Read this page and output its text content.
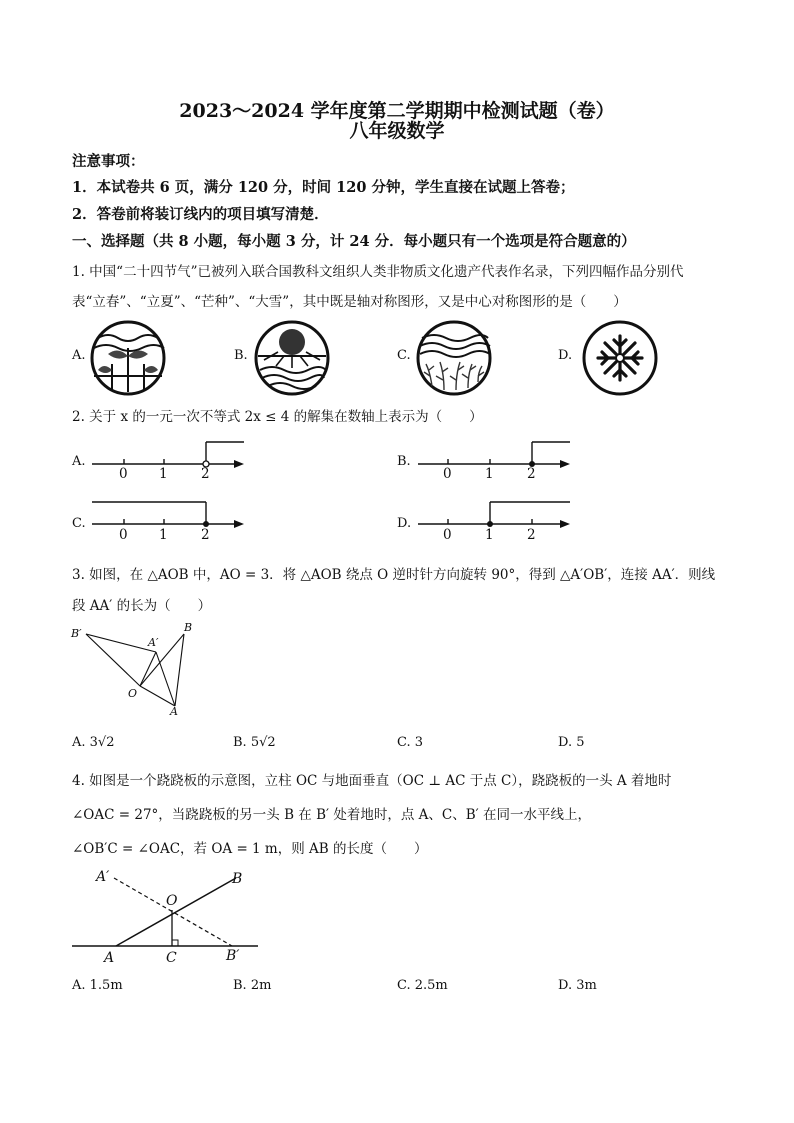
2023～2024 学年度第二学期期中检测试题（卷）
八年级数学
注意事项：
1．本试卷共 6 页，满分 120 分，时间 120 分钟，学生直接在试题上答卷；
2．答卷前将装订线内的项目填写清楚．
一、选择题（共 8 小题，每小题 3 分，计 24 分．每小题只有一个选项是符合题意的）
1. 中国“二十四节气”已被列入联合国教科文组织人类非物质文化遗产代表作名录，下列四幅作品分别代
表“立春”、“立夏”、“芒种”、“大雪”，其中既是轴对称图形，又是中心对称图形的是（　　）
A.	B.	C.	D.
2. 关于 x 的一元一次不等式 2x ≤ 4 的解集在数轴上表示为（　　）
A.
0 1 2
B.
0 1 2
C.
0 1 2
D.
0 1 2
3. 如图，在 △AOB 中，AO = 3．将 △AOB 绕点 O 逆时针方向旋转 90°，得到 △A′OB′，连接 AA′．则线
段 AA′ 的长为（　　）
B′
A′
B
O
A
A. 3√2	B. 5√2	C. 3	D. 5
4. 如图是一个跷跷板的示意图，立柱 OC 与地面垂直（OC ⊥ AC 于点 C），跷跷板的一头 A 着地时
∠OAC = 27°，当跷跷板的另一头 B 在 B′ 处着地时，点 A、C、B′ 在同一水平线上，
∠OB′C = ∠OAC，若 OA = 1 m，则 AB 的长度（　　）
A′	B
O
A	C	B′
A. 1.5m	B. 2m	C. 2.5m	D. 3m
